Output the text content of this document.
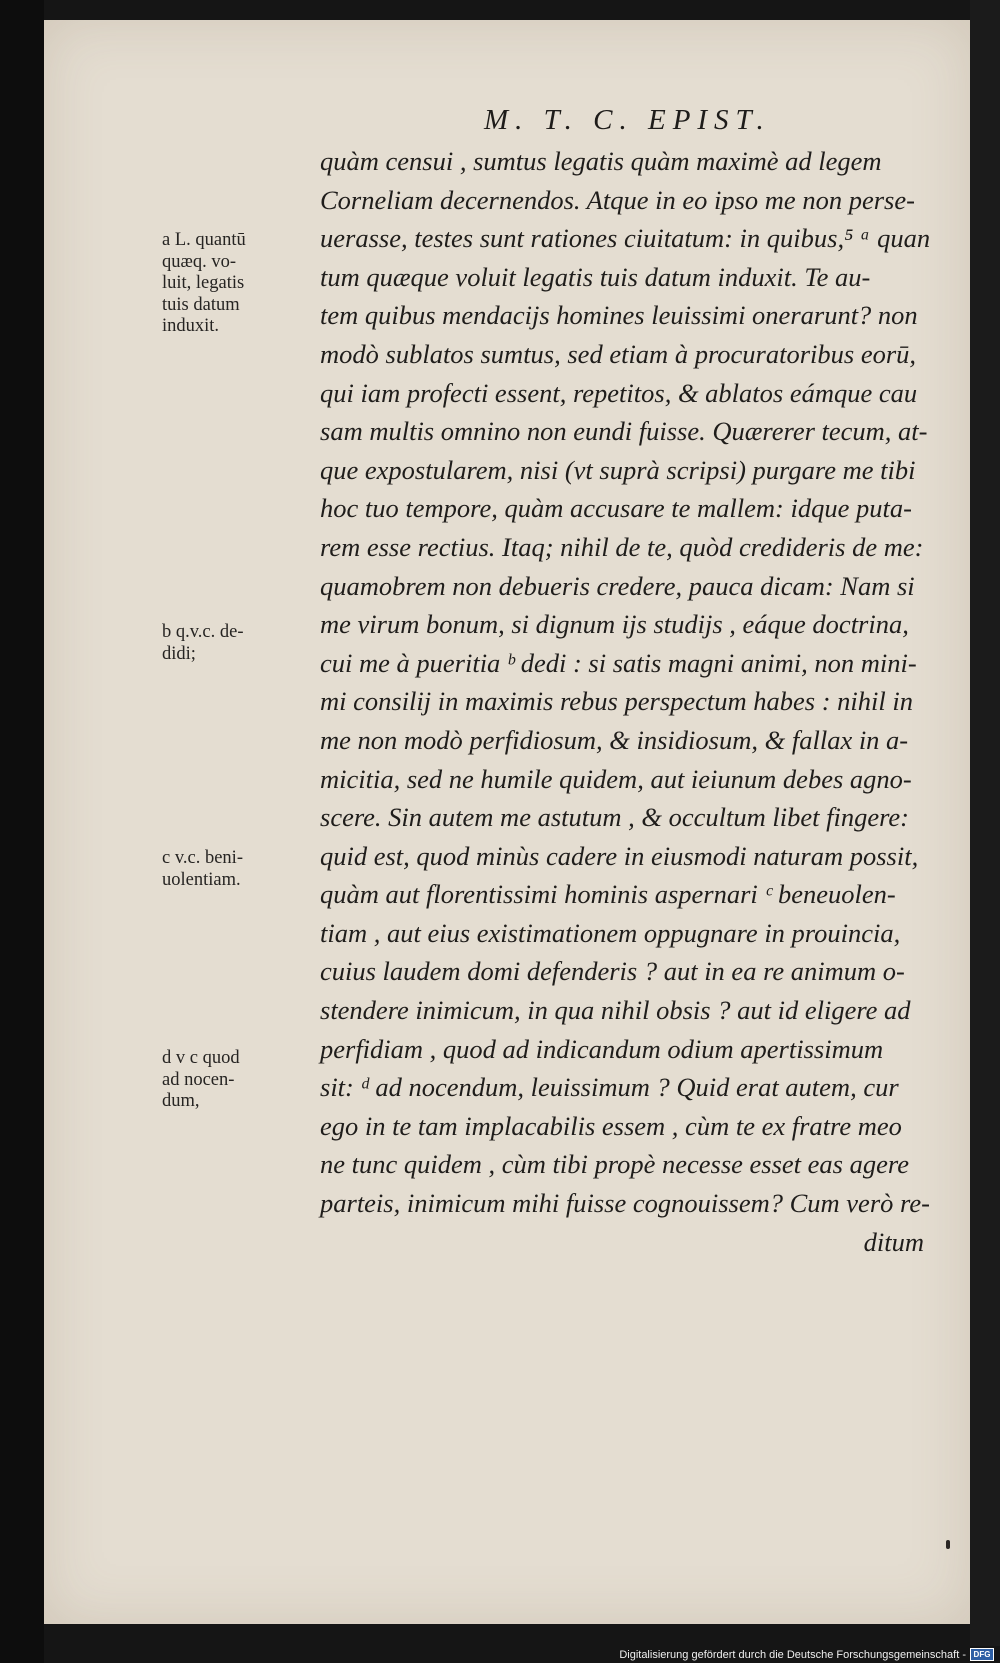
M. T. C. EPIST.
quàm censui , sumtus legatis quàm maximè ad legem
Corneliam decernendos. Atque in eo ipso me non perse-
uerasse, testes sunt rationes ciuitatum: in quibus,⁵ ᵃ quan
tum quæque voluit legatis tuis datum induxit. Te au-
tem quibus mendacijs homines leuissimi onerarunt? non
modò sublatos sumtus, sed etiam à procuratoribus eorū,
qui iam profecti essent, repetitos, & ablatos eámque cau
sam multis omnino non eundi fuisse. Quærerer tecum, at-
que expostularem, nisi (vt suprà scripsi) purgare me tibi
hoc tuo tempore, quàm accusare te mallem: idque puta-
rem esse rectius. Itaq; nihil de te, quòd credideris de me:
quamobrem non debueris credere, pauca dicam: Nam si
me virum bonum, si dignum ijs studijs , eáque doctrina,
cui me à pueritia ᵇ dedi : si satis magni animi, non mini-
mi consilij in maximis rebus perspectum habes : nihil in
me non modò perfidiosum, & insidiosum, & fallax in a-
micitia, sed ne humile quidem, aut ieiunum debes agno-
scere. Sin autem me astutum , & occultum libet fingere:
quid est, quod minùs cadere in eiusmodi naturam possit,
quàm aut florentissimi hominis aspernari ᶜ beneuolen-
tiam , aut eius existimationem oppugnare in prouincia,
cuius laudem domi defenderis ? aut in ea re animum o-
stendere inimicum, in qua nihil obsis ? aut id eligere ad
perfidiam , quod ad indicandum odium apertissimum
sit: ᵈ ad nocendum, leuissimum ? Quid erat autem, cur
ego in te tam implacabilis essem , cùm te ex fratre meo
ne tunc quidem , cùm tibi propè necesse esset eas agere
parteis, inimicum mihi fuisse cognouissem? Cum verò re-
ditum
a L. quantū
quæq. vo-
luit, legatis
tuis datum
induxit.
b q.v.c. de-
didi;
c v.c. beni-
uolentiam.
d v c quod
ad nocen-
dum,
Digitalisierung gefördert durch die Deutsche Forschungsgemeinschaft - DFG
